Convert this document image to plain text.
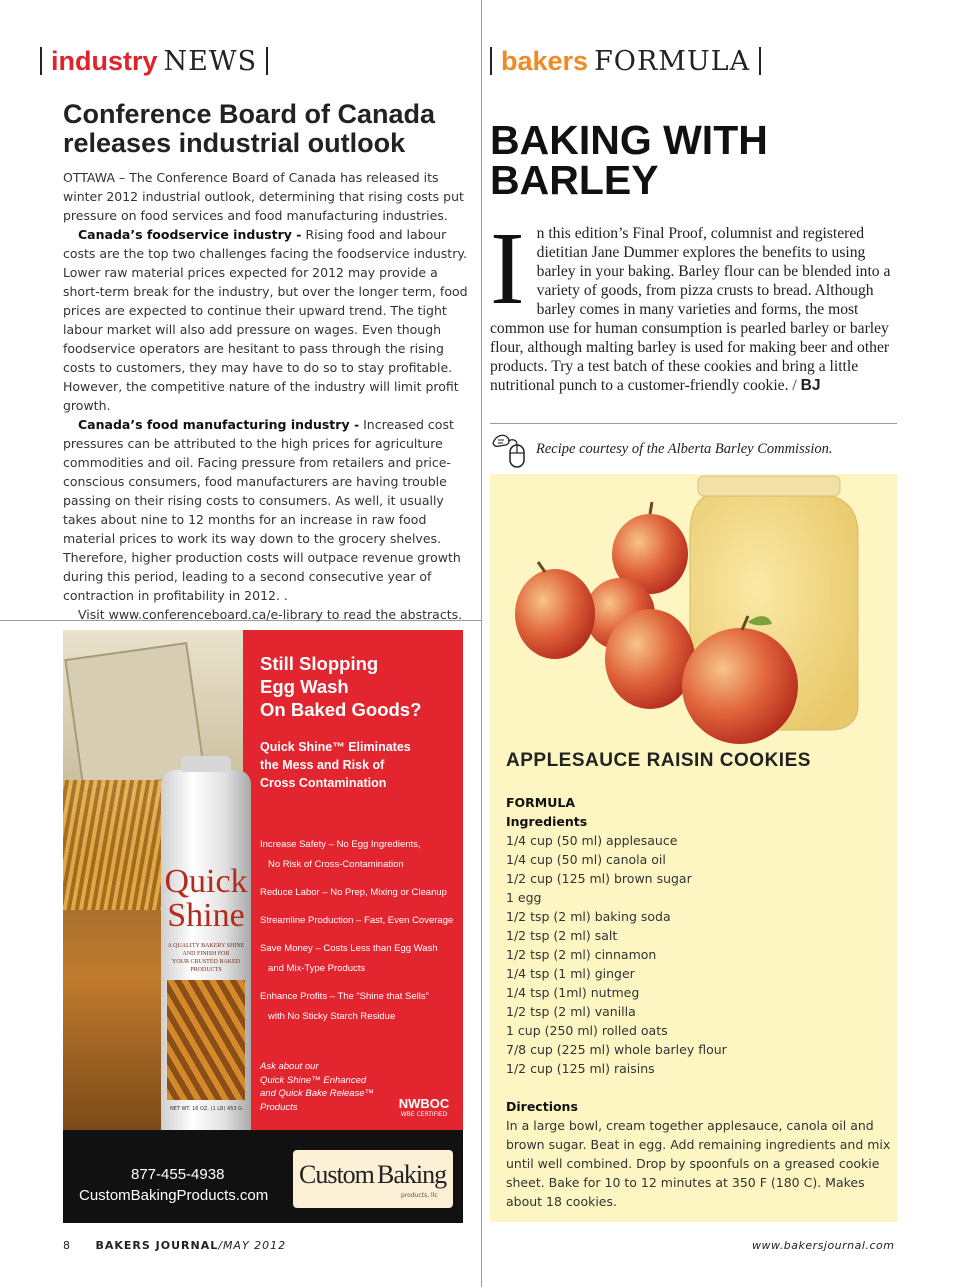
industry NEWS	bakers FORMULA
Conference Board of Canada releases industrial outlook

OTTAWA – The Conference Board of Canada has released its winter 2012 industrial outlook, determining that rising costs put pressure on food services and food manufacturing industries.

Canada’s foodservice industry - Rising food and labour costs are the top two challenges facing the foodservice industry. Lower raw material prices expected for 2012 may provide a short-term break for the industry, but over the longer term, food prices are expected to continue their upward trend. The tight labour market will also add pressure on wages. Even though foodservice operators are hesitant to pass through the rising costs to customers, they may have to do so to stay profitable. However, the competitive nature of the industry will limit profit growth.

Canada’s food manufacturing industry - Increased cost pressures can be attributed to the high prices for agriculture commodities and oil. Facing pressure from retailers and price-conscious consumers, food manufacturers are having trouble passing on their rising costs to consumers. As well, it usually takes about nine to 12 months for an increase in raw food material prices to work its way down to the grocery shelves. Therefore, higher production costs will outpace revenue growth during this period, leading to a second consecutive year of contraction in profitability in 2012. .

Visit www.conferenceboard.ca/e-library to read the abstracts.

BAKING WITH BARLEY
In this edition’s Final Proof, columnist and registered dietitian Jane Dummer explores the benefits to using barley in your baking. Barley flour can be blended into a variety of goods, from pizza crusts to bread. Although barley comes in many varieties and forms, the most common use for human consumption is pearled barley or barley flour, although malting barley is used for making beer and other products. Try a test batch of these cookies and bring a little nutritional punch to a customer-friendly cookie. / BJ
Recipe courtesy of the Alberta Barley Commission.
APPLESAUCE RAISIN COOKIES
FORMULA
Ingredients
1/4 cup (50 ml) applesauce
1/4 cup (50 ml) canola oil
1/2 cup (125 ml) brown sugar
1 egg
1/2 tsp (2 ml) baking soda
1/2 tsp (2 ml) salt
1/2 tsp (2 ml) cinnamon
1/4 tsp (1 ml) ginger
1/4 tsp (1ml) nutmeg
1/2 tsp (2 ml) vanilla
1 cup (250 ml) rolled oats
7/8 cup (225 ml) whole barley flour
1/2 cup (125 ml) raisins
Directions
In a large bowl, cream together applesauce, canola oil and brown sugar. Beat in egg. Add remaining ingredients and mix until well combined. Drop by spoonfuls on a greased cookie sheet. Bake for 10 to 12 minutes at 350 F (180 C). Makes about 18 cookies.
Quick
Shine
A QUALITY BAKERY SHINE
AND FINISH FOR
YOUR CRUSTED BAKED
PRODUCTS
NET WT. 16 OZ. (1 LB) 453 G
Still Slopping
Egg Wash
On Baked Goods?
Quick Shine™ Eliminates
the Mess and Risk of
Cross Contamination
Increase Safety – No Egg Ingredients,
No Risk of Cross-Contamination
Reduce Labor – No Prep, Mixing or Cleanup
Streamline Production – Fast, Even Coverage
Save Money – Costs Less than Egg Wash
and Mix-Type Products
Enhance Profits – The “Shine that Sells”
with No Sticky Starch Residue
Ask about our
Quick Shine™ Enhanced
and Quick Bake Release™
Products	NWBOC
WBE CERTIFIED
877-455-4938
CustomBakingProducts.com
Custom Baking
products, llc
8 BAKERS JOURNAL/MAY 2012	www.bakersjournal.com
